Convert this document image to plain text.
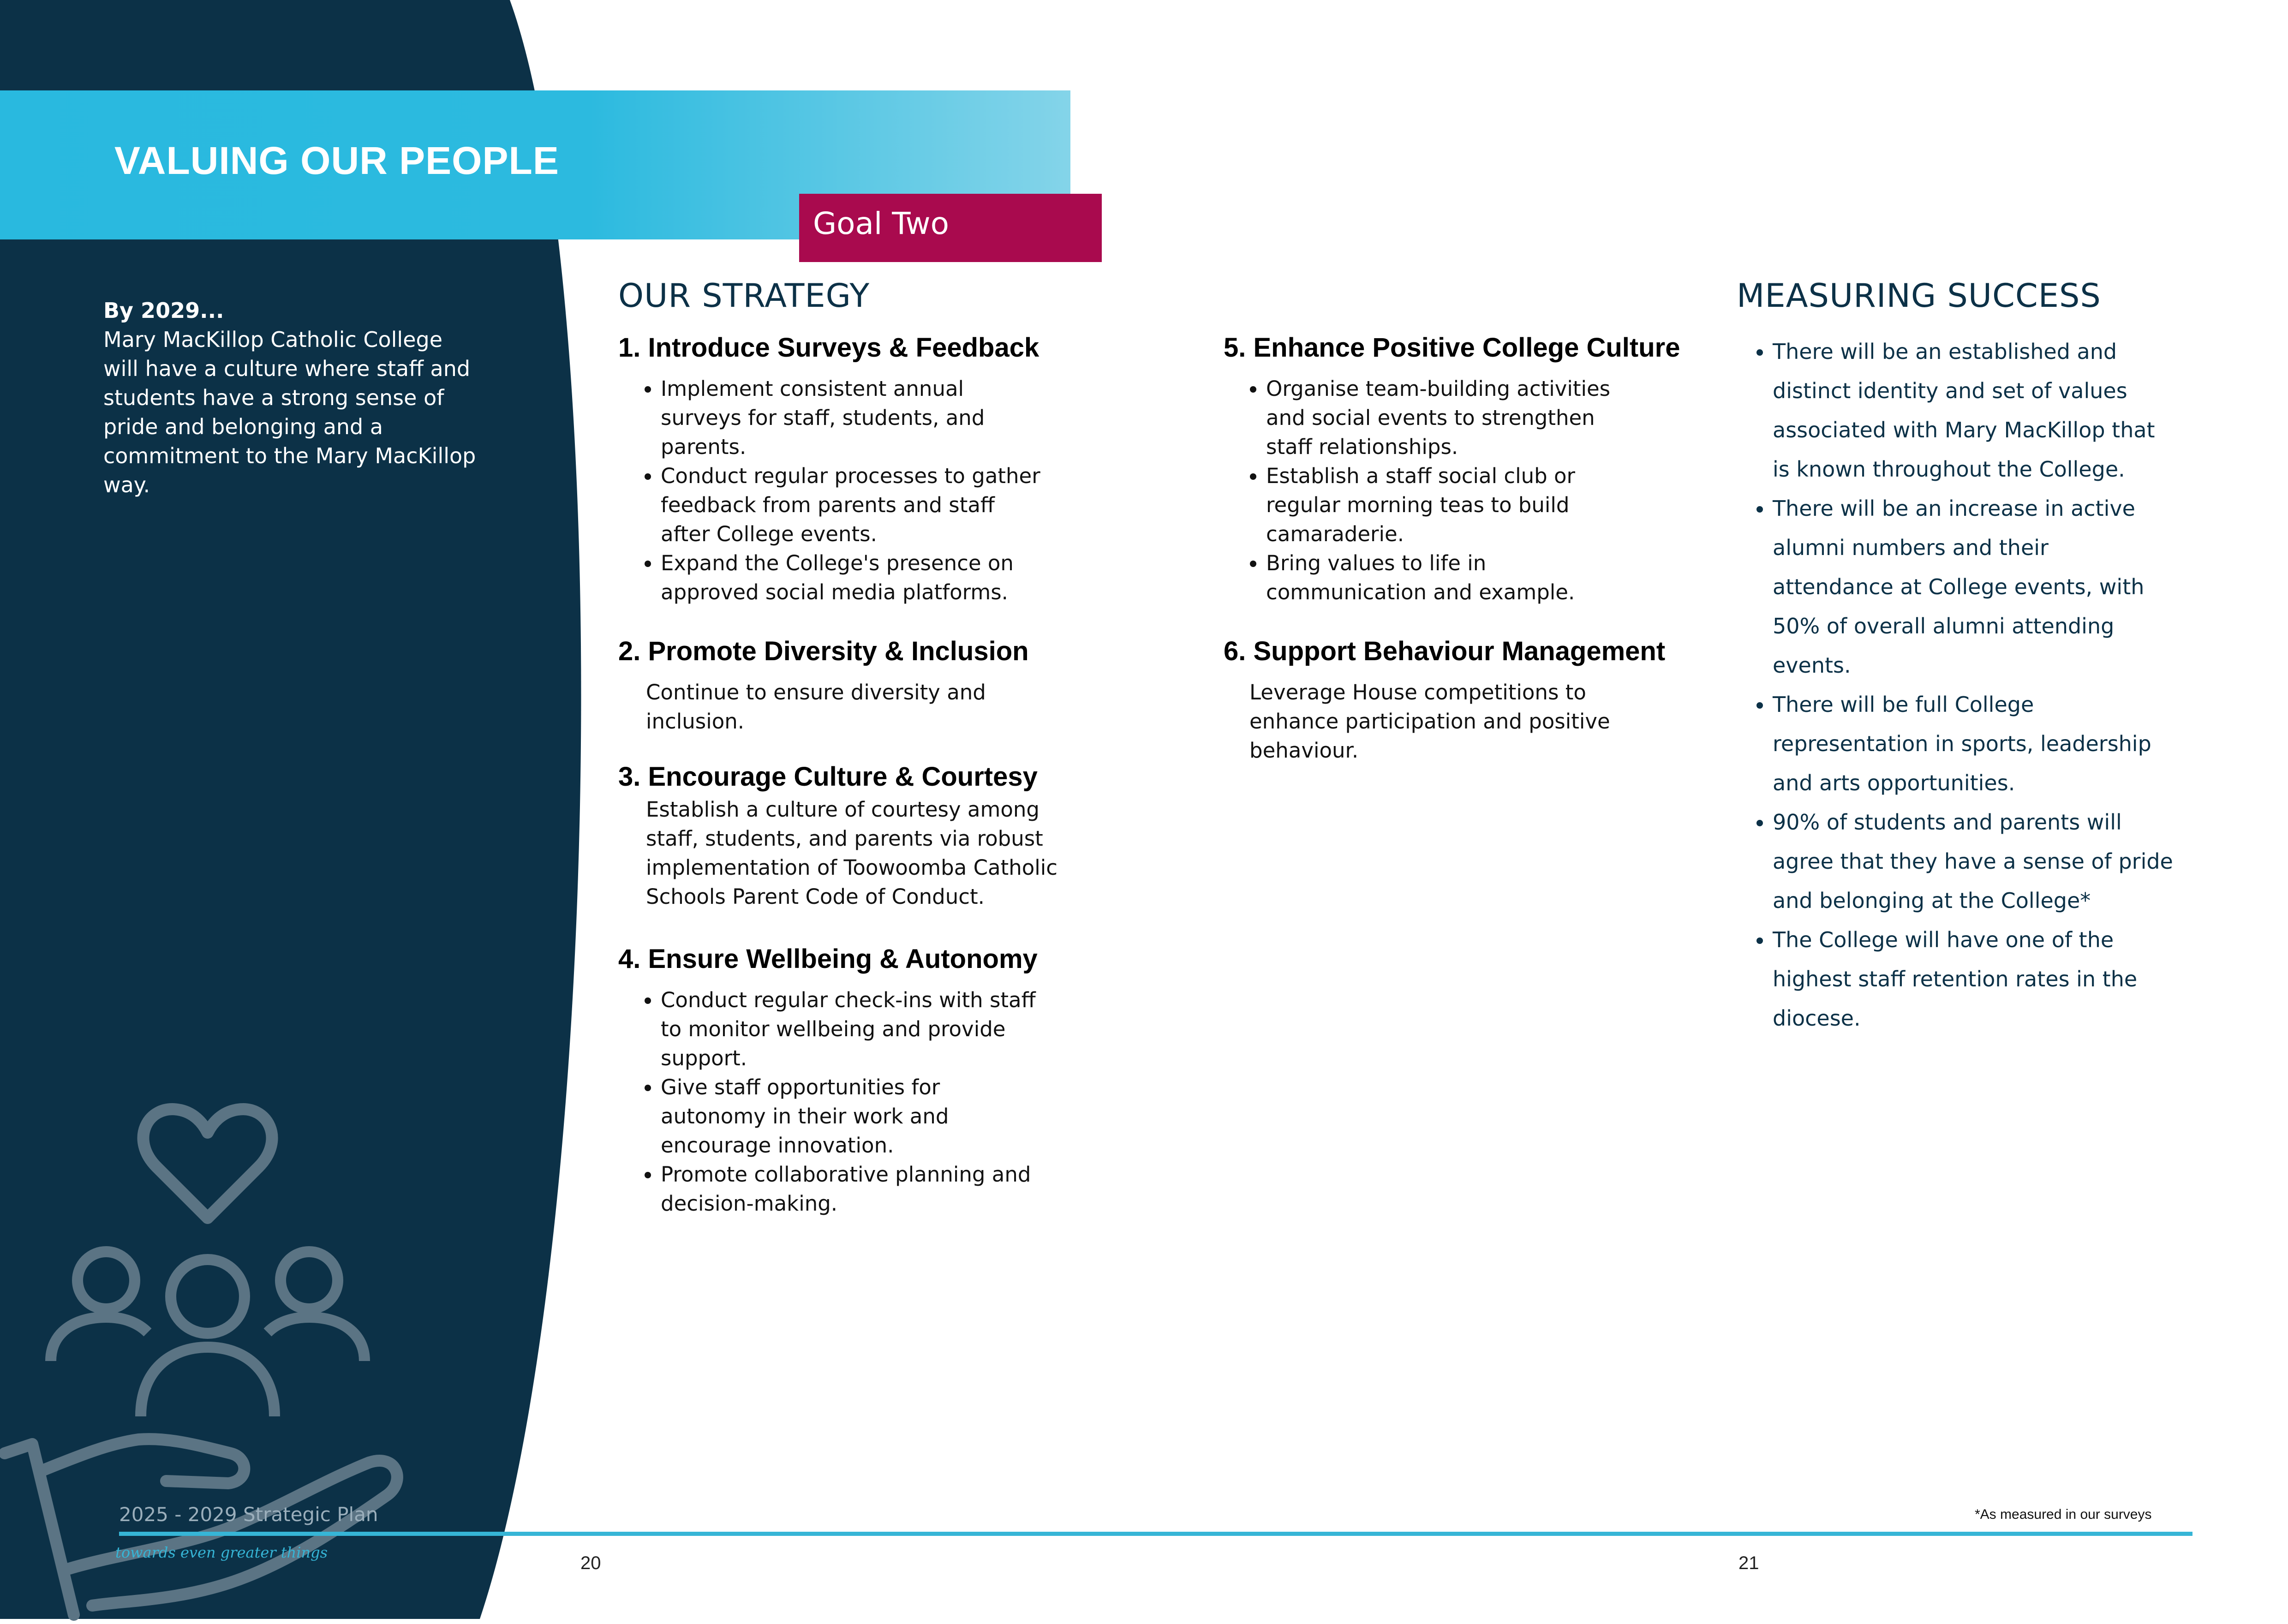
VALUING OUR PEOPLE

Goal Two

By 2029...
Mary MacKillop Catholic College
will have a culture where staff and
students have a strong sense of
pride and belonging and a
commitment to the Mary MacKillop
way.
OUR STRATEGY
1. Introduce Surveys & Feedback
• Implement consistent annual
surveys for staff, students, and
parents.
• Conduct regular processes to gather
feedback from parents and staff
after College events.
• Expand the College's presence on
approved social media platforms.
2. Promote Diversity & Inclusion
Continue to ensure diversity and
inclusion.
3. Encourage Culture & Courtesy
Establish a culture of courtesy among
staff, students, and parents via robust
implementation of Toowoomba Catholic
Schools Parent Code of Conduct.
4. Ensure Wellbeing & Autonomy
• Conduct regular check-ins with staff
to monitor wellbeing and provide
support.
• Give staff opportunities for
autonomy in their work and
encourage innovation.
• Promote collaborative planning and
decision-making.
5. Enhance Positive College Culture
• Organise team-building activities
and social events to strengthen
staff relationships.
• Establish a staff social club or
regular morning teas to build
camaraderie.
• Bring values to life in
communication and example.
6. Support Behaviour Management
Leverage House competitions to
enhance participation and positive
behaviour.
MEASURING SUCCESS
• There will be an established and
distinct identity and set of values
associated with Mary MacKillop that
is known throughout the College.
• There will be an increase in active
alumni numbers and their
attendance at College events, with
50% of overall alumni attending
events.
• There will be full College
representation in sports, leadership
and arts opportunities.
• 90% of students and parents will
agree that they have a sense of pride
and belonging at the College*
• The College will have one of the
highest staff retention rates in the
diocese.

2025 - 2029 Strategic Plan

towards even greater things

*As measured in our surveys

20	21
